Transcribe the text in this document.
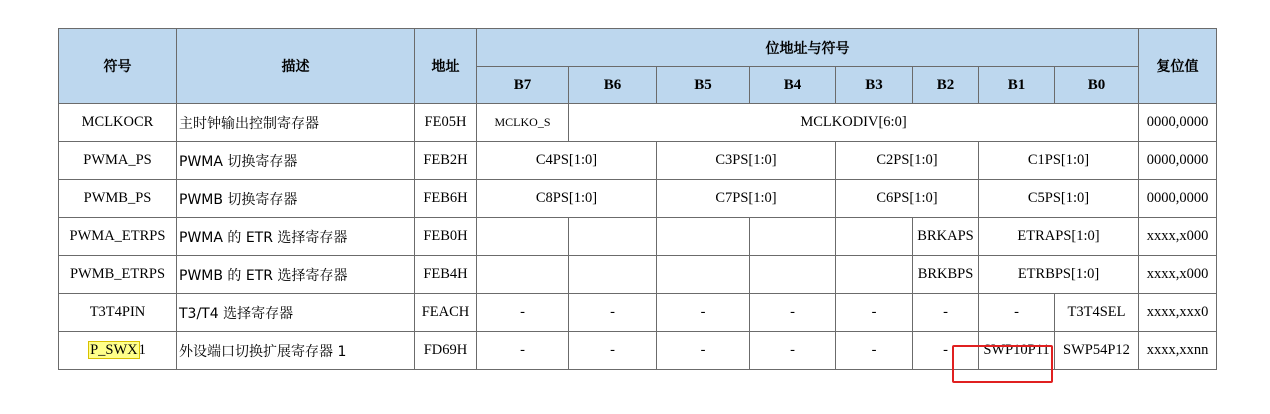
符号	描述	地址	位地址与符号								复位值
			B7	B6	B5	B4	B3	B2	B1	B0	
MCLKOCR	主时钟输出控制寄存器	FE05H	MCLKO_S	MCLKODIV[6:0]							0000,0000
PWMA_PS	PWMA 切换寄存器	FEB2H	C4PS[1:0]		C3PS[1:0]		C2PS[1:0]		C1PS[1:0]		0000,0000
PWMB_PS	PWMB 切换寄存器	FEB6H	C8PS[1:0]		C7PS[1:0]		C6PS[1:0]		C5PS[1:0]		0000,0000
PWMA_ETRPS	PWMA 的 ETR 选择寄存器	FEB0H						BRKAPS	ETRAPS[1:0]		xxxx,x000
PWMB_ETRPS	PWMB 的 ETR 选择寄存器	FEB4H						BRKBPS	ETRBPS[1:0]		xxxx,x000
T3T4PIN	T3/T4 选择寄存器	FEACH	-	-	-	-	-	-	-	T3T4SEL	xxxx,xxx0
P_SWX1	外设端口切换扩展寄存器 1	FD69H	-	-	-	-	-	-	SWP10P11	SWP54P12	xxxx,xxnn
